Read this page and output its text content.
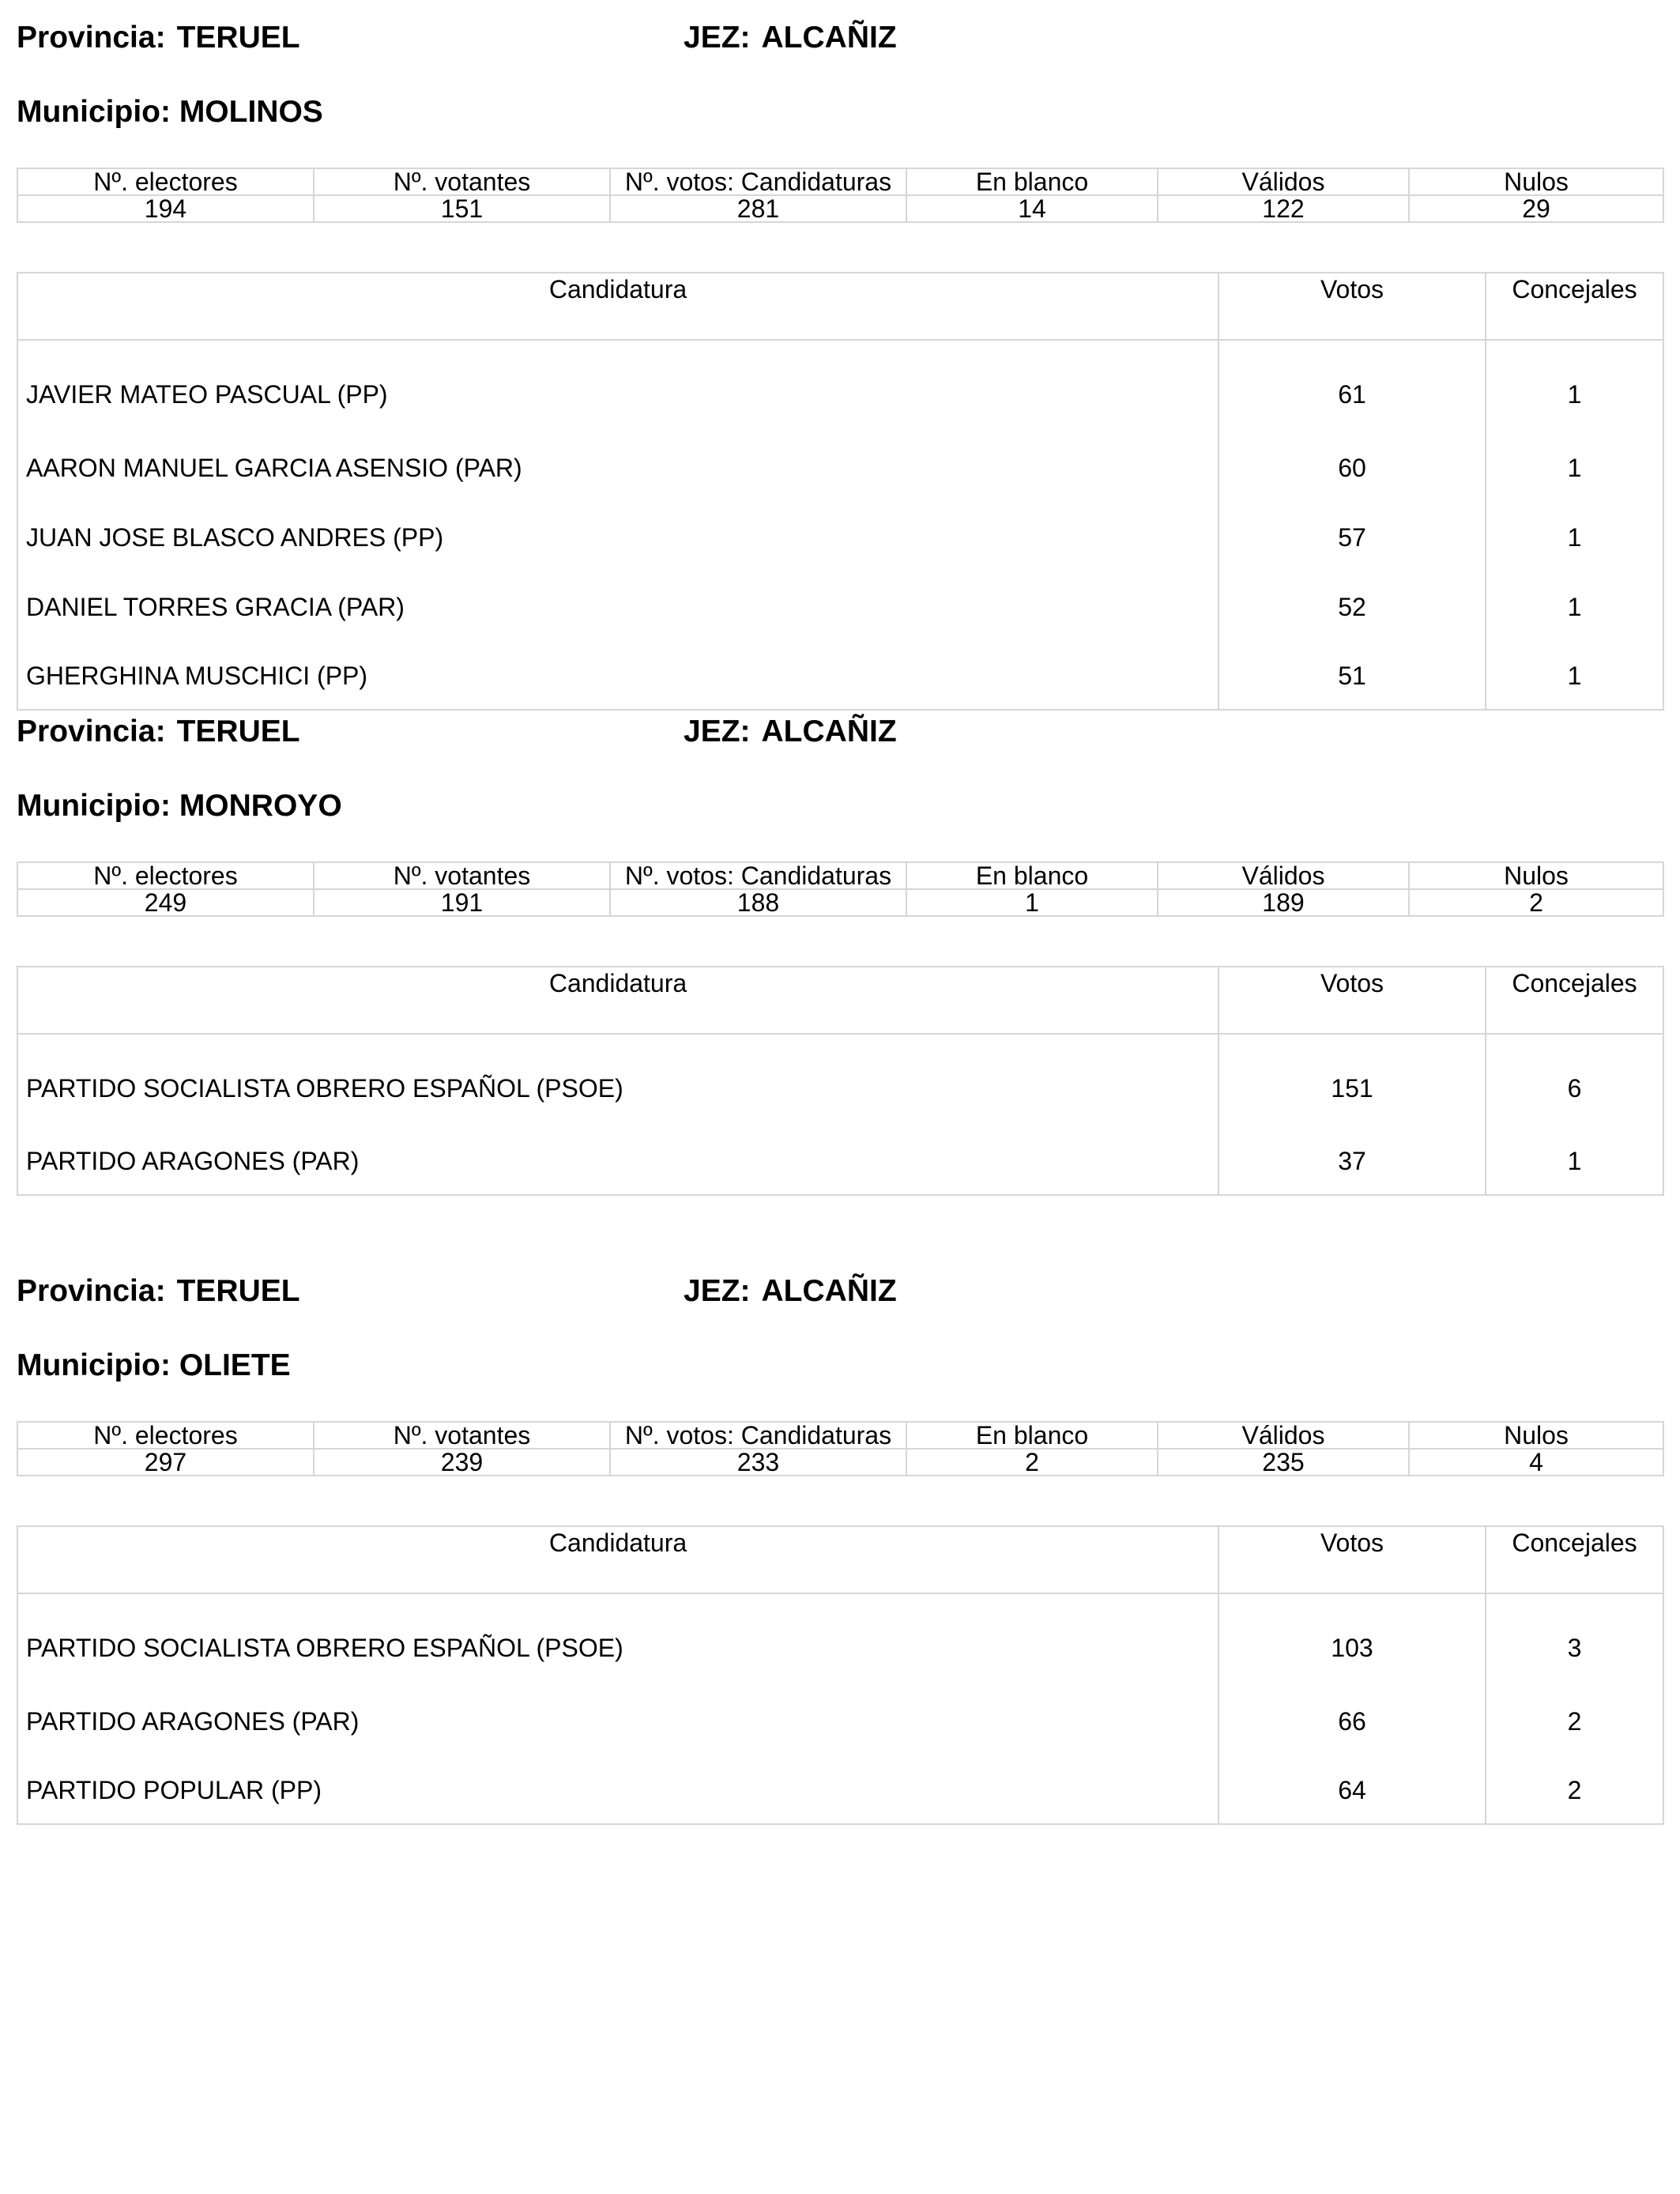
Provincia: TERUEL	JEZ: ALCAÑIZ
Municipio: MOLINOS
Nº. electores	Nº. votantes	Nº. votos: Candidaturas	En blanco	Válidos	Nulos
194	151	281	14	122	29
Candidatura	Votos	Concejales
JAVIER MATEO PASCUAL (PP)	61	1
AARON MANUEL GARCIA ASENSIO (PAR)	60	1
JUAN JOSE BLASCO ANDRES (PP)	57	1
DANIEL TORRES GRACIA (PAR)	52	1
GHERGHINA MUSCHICI (PP)	51	1
Provincia: TERUEL	JEZ: ALCAÑIZ
Municipio: MONROYO
Nº. electores	Nº. votantes	Nº. votos: Candidaturas	En blanco	Válidos	Nulos
249	191	188	1	189	2
Candidatura	Votos	Concejales
PARTIDO SOCIALISTA OBRERO ESPAÑOL (PSOE)	151	6
PARTIDO ARAGONES (PAR)	37	1
Provincia: TERUEL	JEZ: ALCAÑIZ
Municipio: OLIETE
Nº. electores	Nº. votantes	Nº. votos: Candidaturas	En blanco	Válidos	Nulos
297	239	233	2	235	4
Candidatura	Votos	Concejales
PARTIDO SOCIALISTA OBRERO ESPAÑOL (PSOE)	103	3
PARTIDO ARAGONES (PAR)	66	2
PARTIDO POPULAR (PP)	64	2
